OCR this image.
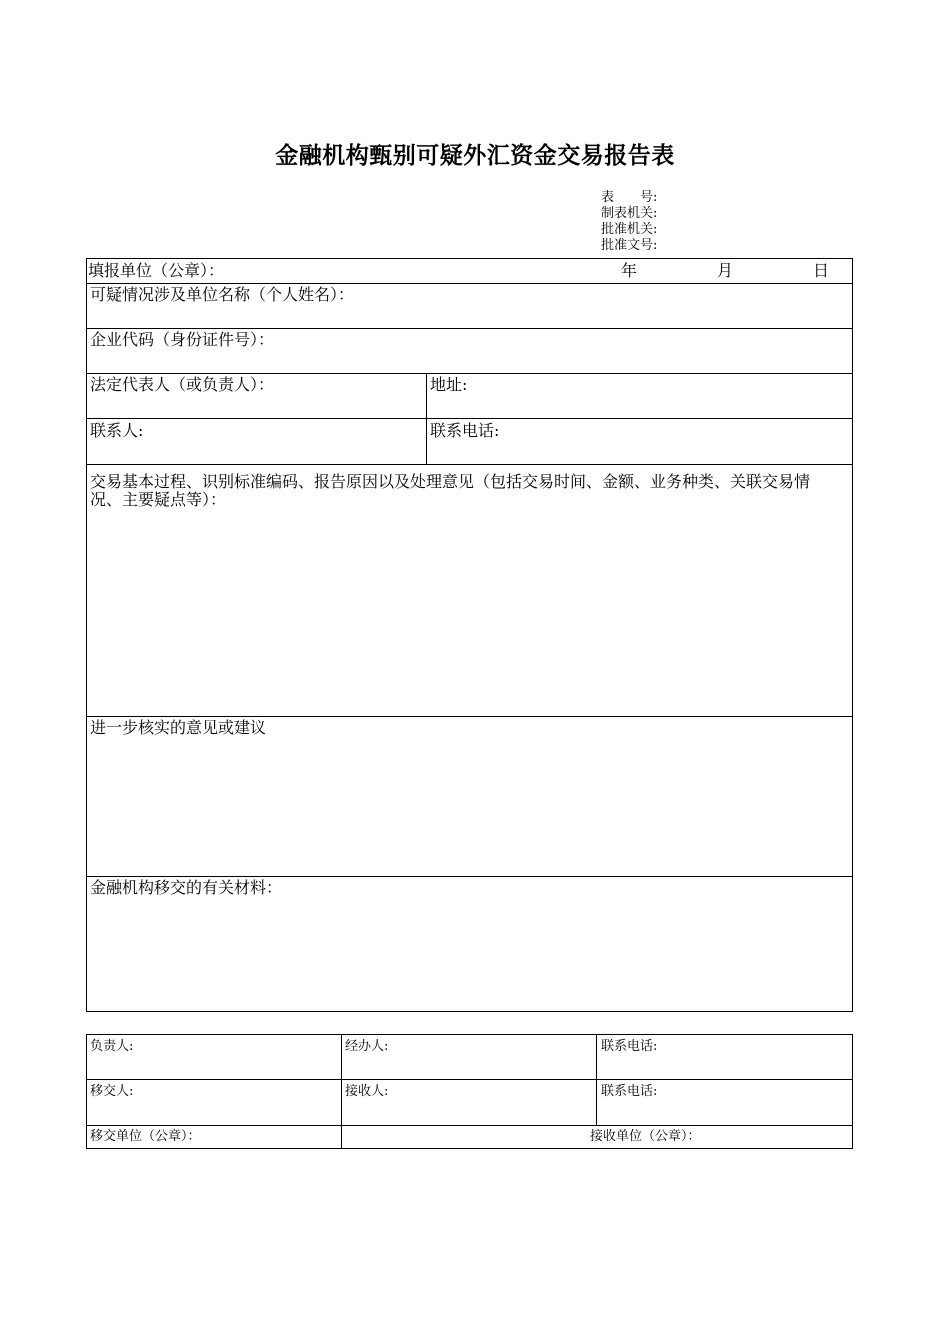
金融机构甄别可疑外汇资金交易报告表
表　　号:
制表机关:
批准机关:
批准文号:
填报单位（公章）：	年	月	日
可疑情况涉及单位名称（个人姓名）：
企业代码（身份证件号）：
法定代表人（或负责人）：	地址:
联系人:	联系电话:
交易基本过程、识别标准编码、报告原因以及处理意见（包括交易时间、金额、业务种类、关联交易情况、主要疑点等）：
进一步核实的意见或建议
金融机构移交的有关材料：
负责人:	经办人:	联系电话:
移交人:	接收人:	联系电话:
移交单位（公章）：	接收单位（公章）：
